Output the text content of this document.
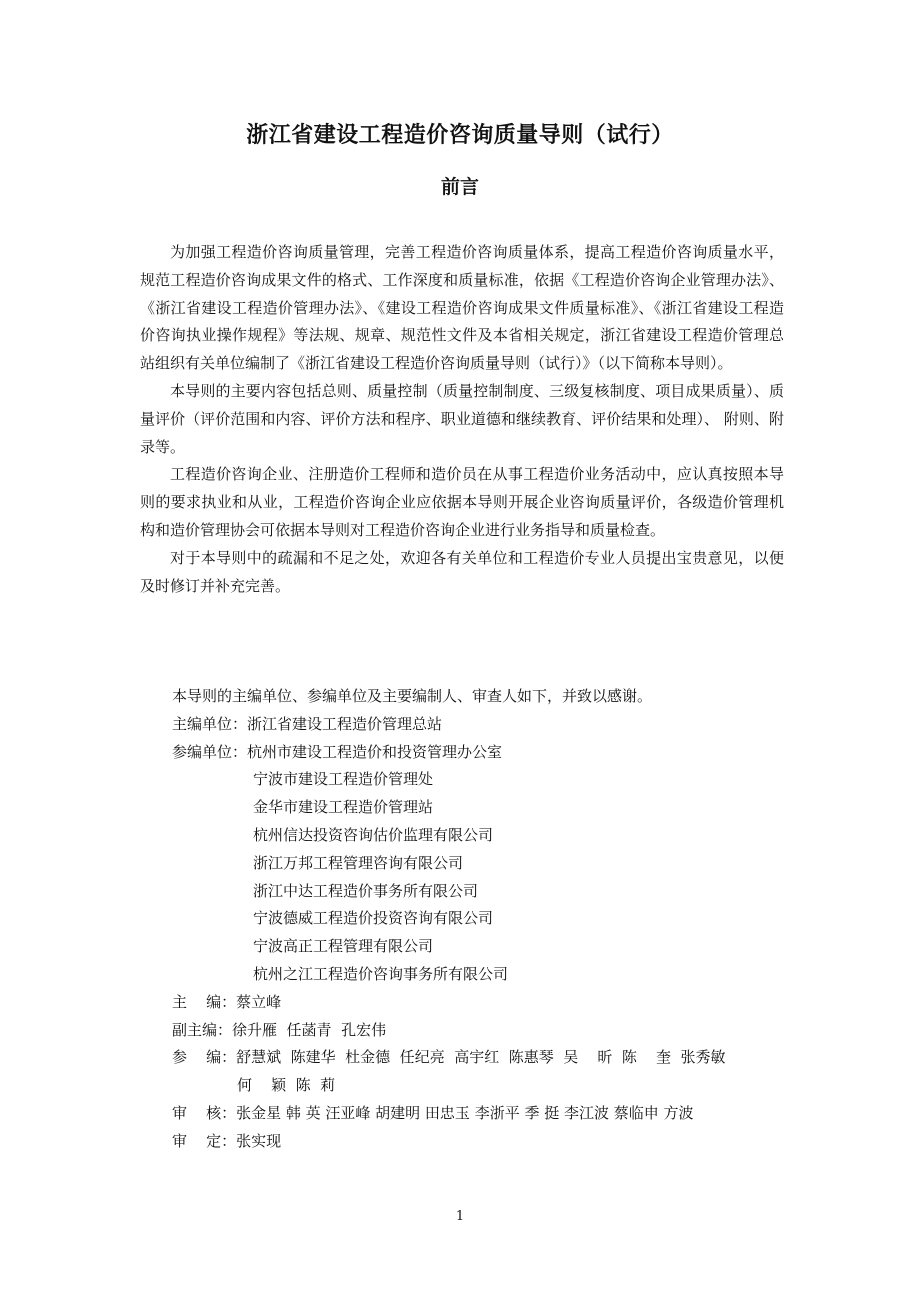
浙江省建设工程造价咨询质量导则（试行）
前言

为加强工程造价咨询质量管理，完善工程造价咨询质量体系，提高工程造价咨询质量水平，规范工程造价咨询成果文件的格式、工作深度和质量标准，依据《工程造价咨询企业管理办法》、《浙江省建设工程造价管理办法》、《建设工程造价咨询成果文件质量标准》、《浙江省建设工程造价咨询执业操作规程》等法规、规章、规范性文件及本省相关规定，浙江省建设工程造价管理总站组织有关单位编制了《浙江省建设工程造价咨询质量导则（试行）》（以下简称本导则）。

本导则的主要内容包括总则、质量控制（质量控制制度、三级复核制度、项目成果质量）、质量评价（评价范围和内容、评价方法和程序、职业道德和继续教育、评价结果和处理）、 附则、附录等。

工程造价咨询企业、注册造价工程师和造价员在从事工程造价业务活动中，应认真按照本导则的要求执业和从业，工程造价咨询企业应依据本导则开展企业咨询质量评价，各级造价管理机构和造价管理协会可依据本导则对工程造价咨询企业进行业务指导和质量检查。

对于本导则中的疏漏和不足之处，欢迎各有关单位和工程造价专业人员提出宝贵意见，以便及时修订并补充完善。

本导则的主编单位、参编单位及主要编制人、审查人如下，并致以感谢。

主编单位：浙江省建设工程造价管理总站

参编单位：杭州市建设工程造价和投资管理办公室

宁波市建设工程造价管理处
金华市建设工程造价管理站
杭州信达投资咨询估价监理有限公司
浙江万邦工程管理咨询有限公司
浙江中达工程造价事务所有限公司
宁波德威工程造价投资咨询有限公司
宁波高正工程管理有限公司
杭州之江工程造价咨询事务所有限公司

主    编：蔡立峰

副主编：徐升雁  任菡青  孔宏伟

参    编：舒慧斌  陈建华  杜金德  任纪亮  高宇红  陈惠琴  吴    昕  陈    奎  张秀敏

何    颖  陈  莉

审    核：张金星 韩 英 汪亚峰 胡建明 田忠玉 李浙平 季 挺 李江波 蔡临申 方波

审    定：张实现

1
